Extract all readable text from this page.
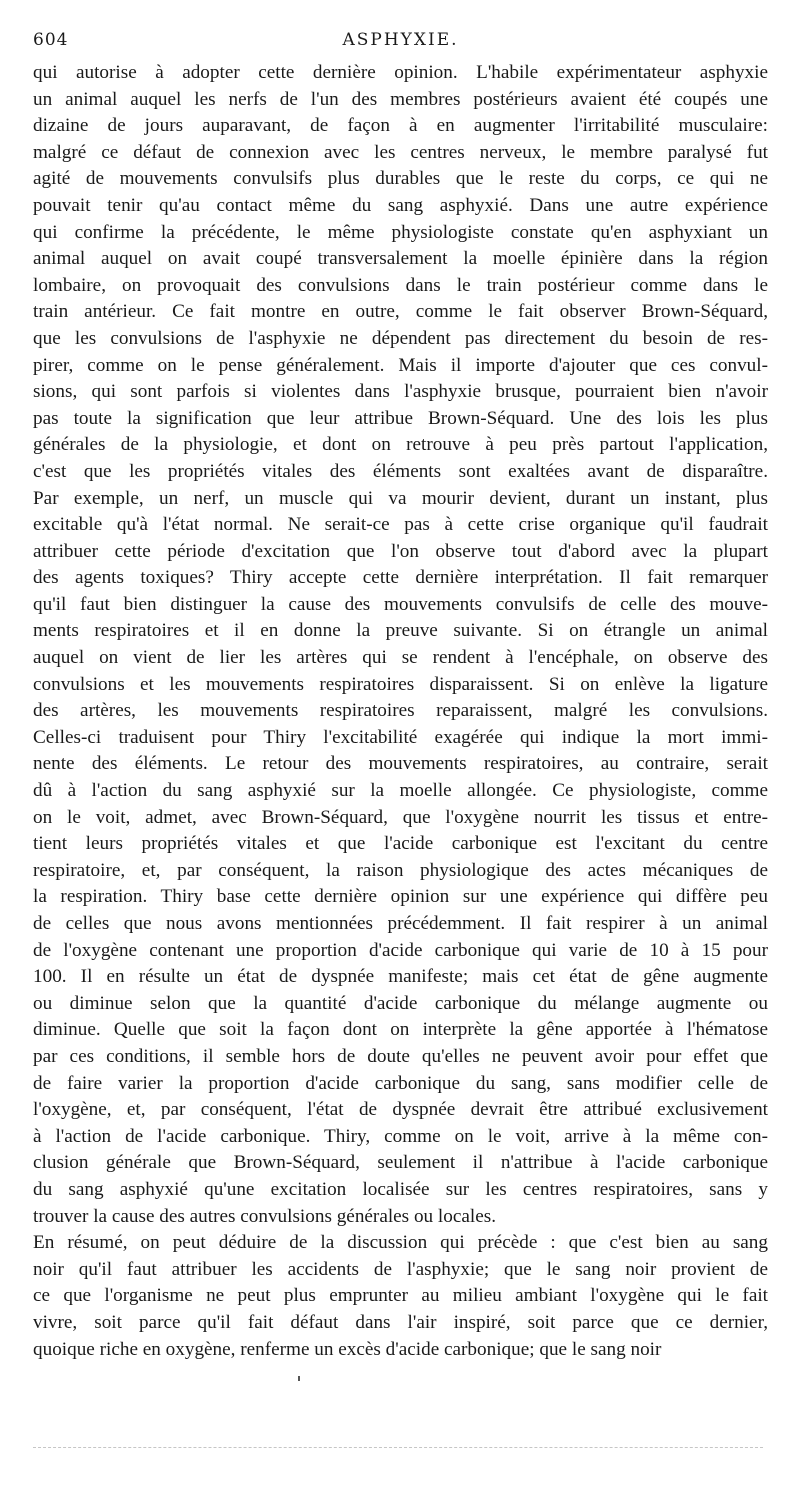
604	ASPHYXIE.
qui autorise à adopter cette dernière opinion. L'habile expérimentateur asphyxie
un animal auquel les nerfs de l'un des membres postérieurs avaient été coupés une
dizaine de jours auparavant, de façon à en augmenter l'irritabilité musculaire:
malgré ce défaut de connexion avec les centres nerveux, le membre paralysé fut
agité de mouvements convulsifs plus durables que le reste du corps, ce qui ne
pouvait tenir qu'au contact même du sang asphyxié. Dans une autre expérience
qui confirme la précédente, le même physiologiste constate qu'en asphyxiant un
animal auquel on avait coupé transversalement la moelle épinière dans la région
lombaire, on provoquait des convulsions dans le train postérieur comme dans le
train antérieur. Ce fait montre en outre, comme le fait observer Brown-Séquard,
que les convulsions de l'asphyxie ne dépendent pas directement du besoin de res-
pirer, comme on le pense généralement. Mais il importe d'ajouter que ces convul-
sions, qui sont parfois si violentes dans l'asphyxie brusque, pourraient bien n'avoir
pas toute la signification que leur attribue Brown-Séquard. Une des lois les plus
générales de la physiologie, et dont on retrouve à peu près partout l'application,
c'est que les propriétés vitales des éléments sont exaltées avant de disparaître.
Par exemple, un nerf, un muscle qui va mourir devient, durant un instant, plus
excitable qu'à l'état normal. Ne serait-ce pas à cette crise organique qu'il faudrait
attribuer cette période d'excitation que l'on observe tout d'abord avec la plupart
des agents toxiques? Thiry accepte cette dernière interprétation. Il fait remarquer
qu'il faut bien distinguer la cause des mouvements convulsifs de celle des mouve-
ments respiratoires et il en donne la preuve suivante. Si on étrangle un animal
auquel on vient de lier les artères qui se rendent à l'encéphale, on observe des
convulsions et les mouvements respiratoires disparaissent. Si on enlève la ligature
des artères, les mouvements respiratoires reparaissent, malgré les convulsions.
Celles-ci traduisent pour Thiry l'excitabilité exagérée qui indique la mort immi-
nente des éléments. Le retour des mouvements respiratoires, au contraire, serait
dû à l'action du sang asphyxié sur la moelle allongée. Ce physiologiste, comme
on le voit, admet, avec Brown-Séquard, que l'oxygène nourrit les tissus et entre-
tient leurs propriétés vitales et que l'acide carbonique est l'excitant du centre
respiratoire, et, par conséquent, la raison physiologique des actes mécaniques de
la respiration. Thiry base cette dernière opinion sur une expérience qui diffère peu
de celles que nous avons mentionnées précédemment. Il fait respirer à un animal
de l'oxygène contenant une proportion d'acide carbonique qui varie de 10 à 15 pour
100. Il en résulte un état de dyspnée manifeste; mais cet état de gêne augmente
ou diminue selon que la quantité d'acide carbonique du mélange augmente ou
diminue. Quelle que soit la façon dont on interprète la gêne apportée à l'hématose
par ces conditions, il semble hors de doute qu'elles ne peuvent avoir pour effet que
de faire varier la proportion d'acide carbonique du sang, sans modifier celle de
l'oxygène, et, par conséquent, l'état de dyspnée devrait être attribué exclusivement
à l'action de l'acide carbonique. Thiry, comme on le voit, arrive à la même con-
clusion générale que Brown-Séquard, seulement il n'attribue à l'acide carbonique
du sang asphyxié qu'une excitation localisée sur les centres respiratoires, sans y
trouver la cause des autres convulsions générales ou locales.
En résumé, on peut déduire de la discussion qui précède : que c'est bien au sang
noir qu'il faut attribuer les accidents de l'asphyxie; que le sang noir provient de
ce que l'organisme ne peut plus emprunter au milieu ambiant l'oxygène qui le fait
vivre, soit parce qu'il fait défaut dans l'air inspiré, soit parce que ce dernier,
quoique riche en oxygène, renferme un excès d'acide carbonique; que le sang noir
